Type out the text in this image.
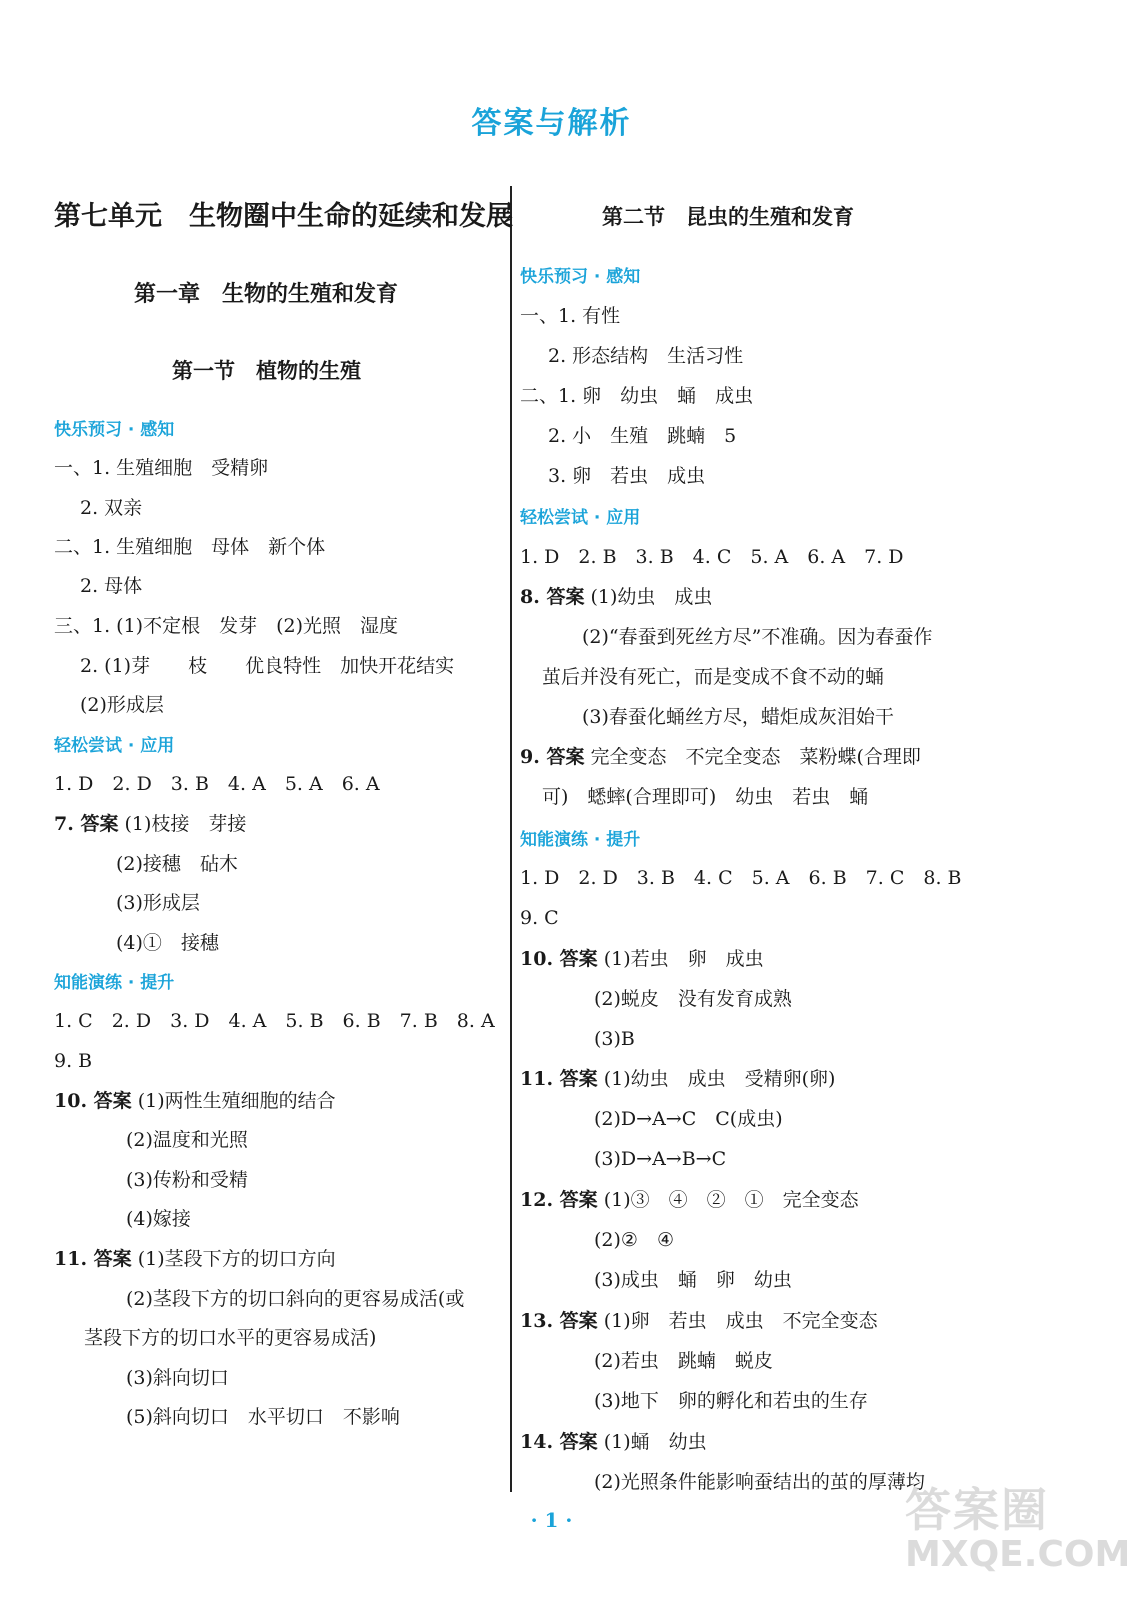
答案与解析
第七单元　生物圈中生命的延续和发展
第一章　生物的生殖和发育
第一节　植物的生殖
快乐预习 · 感知
一、1. 生殖细胞　受精卵
2. 双亲
二、1. 生殖细胞　母体　新个体
2. 母体
三、1. (1)不定根　发芽　(2)光照　湿度
2. (1)芽　　枝　　优良特性　加快开花结实
(2)形成层
轻松尝试 · 应用
1. D　2. D　3. B　4. A　5. A　6. A
7. 答案 (1)枝接　芽接
(2)接穗　砧木
(3)形成层
(4)①　接穗
知能演练 · 提升
1. C　2. D　3. D　4. A　5. B　6. B　7. B　8. A
9. B
10. 答案 (1)两性生殖细胞的结合
(2)温度和光照
(3)传粉和受精
(4)嫁接
11. 答案 (1)茎段下方的切口方向
(2)茎段下方的切口斜向的更容易成活(或
茎段下方的切口水平的更容易成活)
(3)斜向切口
(5)斜向切口　水平切口　不影响
第二节　昆虫的生殖和发育
快乐预习 · 感知
一、1. 有性
2. 形态结构　生活习性
二、1. 卵　幼虫　蛹　成虫
2. 小　生殖　跳蝻　5
3. 卵　若虫　成虫
轻松尝试 · 应用
1. D　2. B　3. B　4. C　5. A　6. A　7. D
8. 答案 (1)幼虫　成虫
(2)“春蚕到死丝方尽”不准确。因为春蚕作
茧后并没有死亡，而是变成不食不动的蛹
(3)春蚕化蛹丝方尽，蜡炬成灰泪始干
9. 答案 完全变态　不完全变态　菜粉蝶(合理即
可)　蟋蟀(合理即可)　幼虫　若虫　蛹
知能演练 · 提升
1. D　2. D　3. B　4. C　5. A　6. B　7. C　8. B
9. C
10. 答案 (1)若虫　卵　成虫
(2)蜕皮　没有发育成熟
(3)B
11. 答案 (1)幼虫　成虫　受精卵(卵)
(2)D→A→C　C(成虫)
(3)D→A→B→C
12. 答案 (1)③　④　②　①　完全变态
(2)②　④
(3)成虫　蛹　卵　幼虫
13. 答案 (1)卵　若虫　成虫　不完全变态
(2)若虫　跳蝻　蜕皮
(3)地下　卵的孵化和若虫的生存
14. 答案 (1)蛹　幼虫
(2)光照条件能影响蚕结出的茧的厚薄均
· 1 ·	答案圈
MXQE.COM
